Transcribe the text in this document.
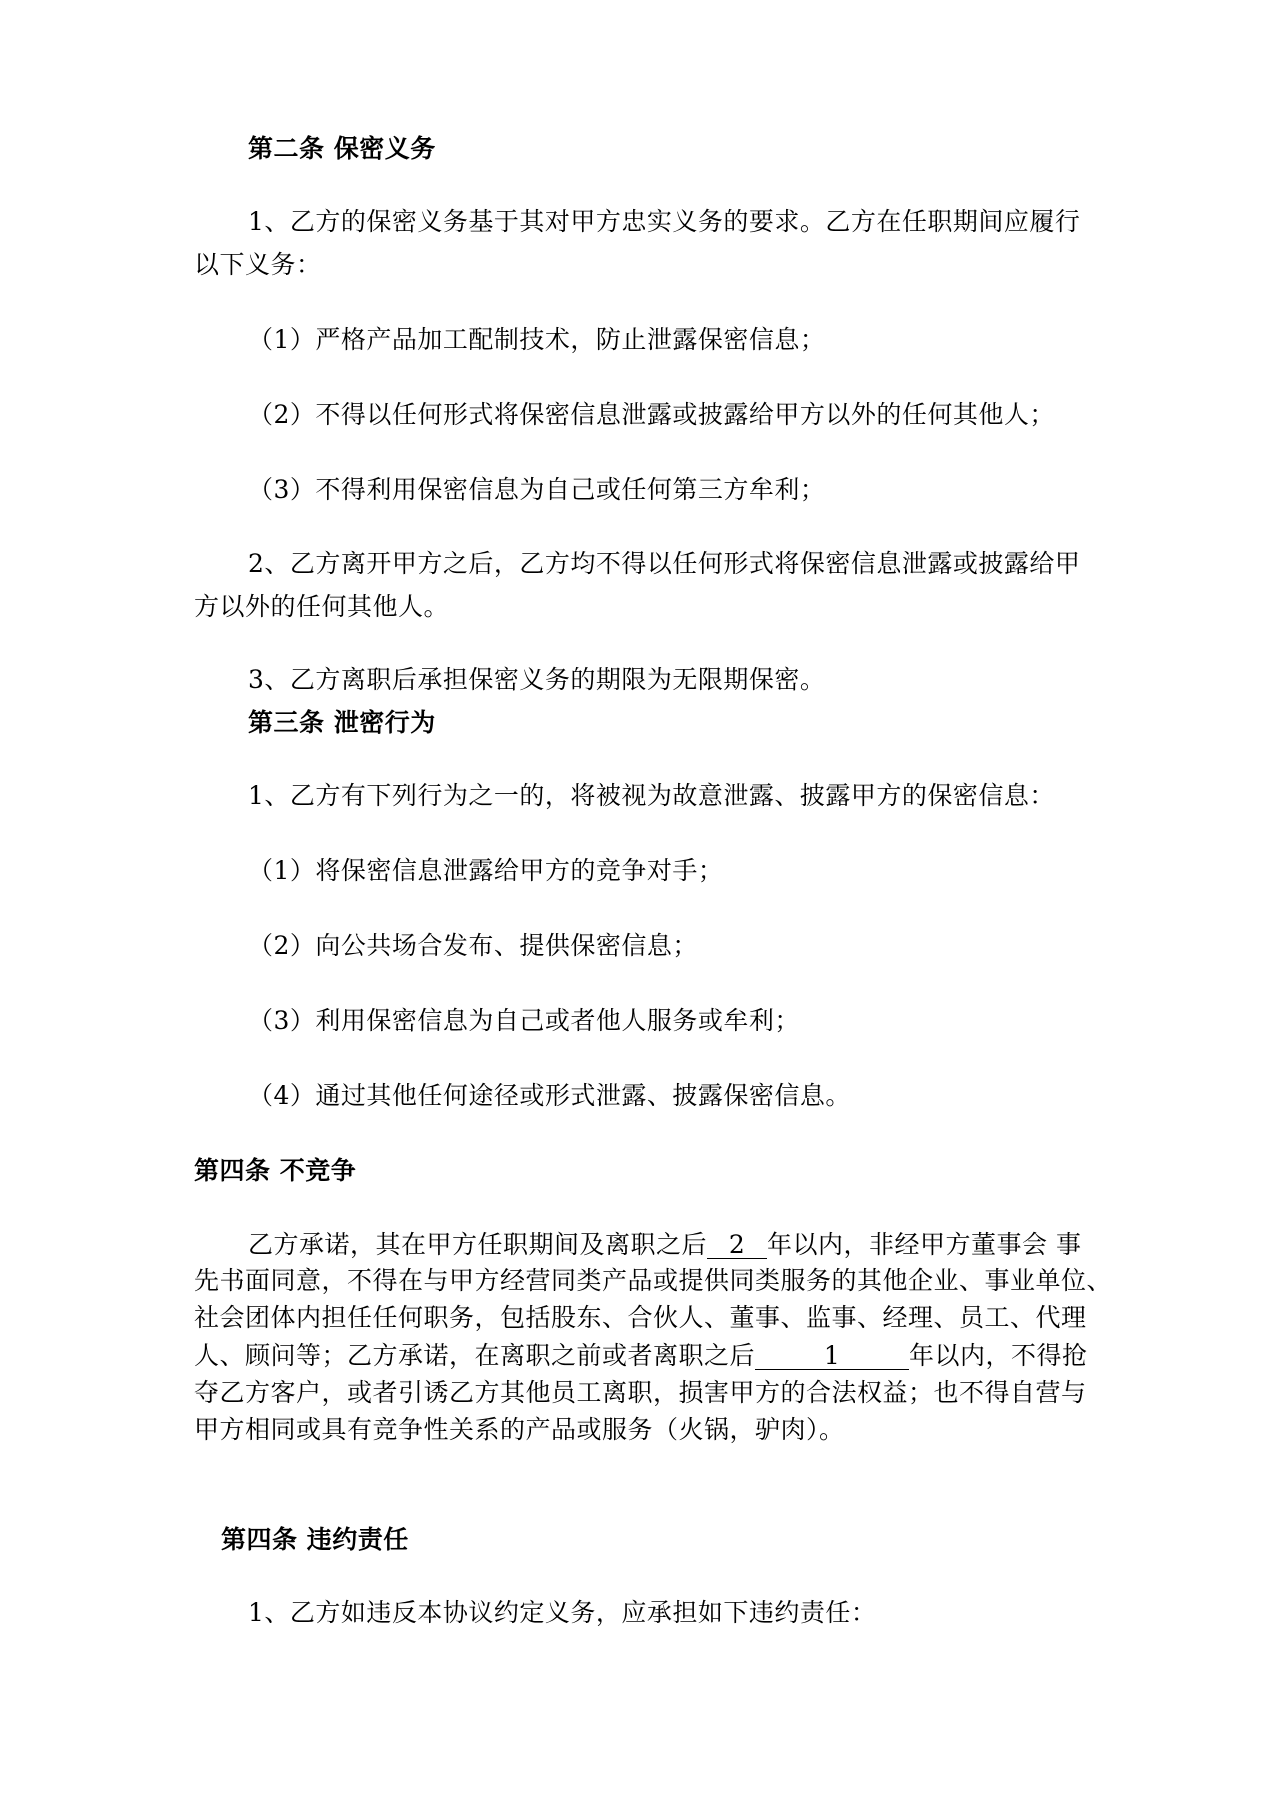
第二条 保密义务
1、乙方的保密义务基于其对甲方忠实义务的要求。乙方在任职期间应履行
以下义务：
（1）严格产品加工配制技术，防止泄露保密信息；
（2）不得以任何形式将保密信息泄露或披露给甲方以外的任何其他人；
（3）不得利用保密信息为自己或任何第三方牟利；
2、乙方离开甲方之后，乙方均不得以任何形式将保密信息泄露或披露给甲
方以外的任何其他人。
3、乙方离职后承担保密义务的期限为无限期保密。
第三条 泄密行为
1、乙方有下列行为之一的，将被视为故意泄露、披露甲方的保密信息：
（1）将保密信息泄露给甲方的竞争对手；
（2）向公共场合发布、提供保密信息；
（3）利用保密信息为自己或者他人服务或牟利；
（4）通过其他任何途径或形式泄露、披露保密信息。
第四条 不竞争
乙方承诺，其在甲方任职期间及离职之后 2 年以内，非经甲方董事会 事
先书面同意，不得在与甲方经营同类产品或提供同类服务的其他企业、事业单位、
社会团体内担任任何职务，包括股东、合伙人、董事、监事、经理、员工、代理
人、顾问等；乙方承诺，在离职之前或者离职之后	1	年以内，不得抢
夺乙方客户，或者引诱乙方其他员工离职，损害甲方的合法权益；也不得自营与
甲方相同或具有竞争性关系的产品或服务（火锅，驴肉）。
第四条 违约责任
1、乙方如违反本协议约定义务，应承担如下违约责任：
